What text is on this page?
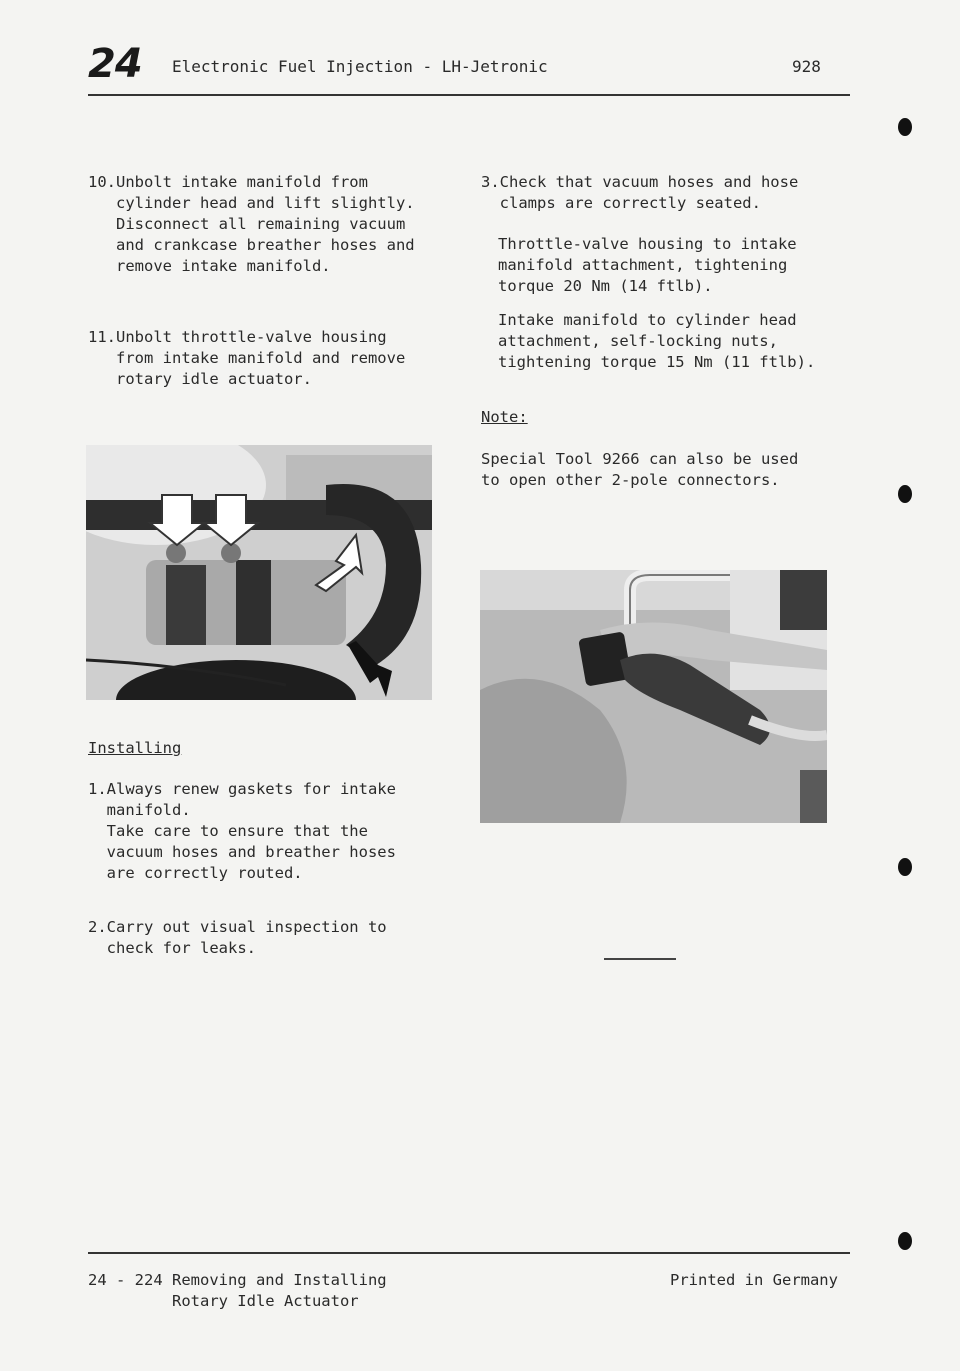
24 Electronic Fuel Injection - LH-Jetronic	928
10. Unbolt intake manifold from
cylinder head and lift slightly.
Disconnect all remaining vacuum
and crankcase breather hoses and
remove intake manifold.
11. Unbolt throttle-valve housing
from intake manifold and remove
rotary idle actuator.
Installing
1. Always renew gaskets for intake
manifold.
Take care to ensure that the
vacuum hoses and breather hoses
are correctly routed.
2. Carry out visual inspection to
check for leaks.
3. Check that vacuum hoses and hose
clamps are correctly seated.
Throttle-valve housing to intake
manifold attachment, tightening
torque 20 Nm (14 ftlb).
Intake manifold to cylinder head
attachment, self-locking nuts,
tightening torque 15 Nm (11 ftlb).
Note:
Special Tool 9266 can also be used
to open other 2-pole connectors.
24 - 224 Removing and Installing
Rotary Idle Actuator
Printed in Germany
